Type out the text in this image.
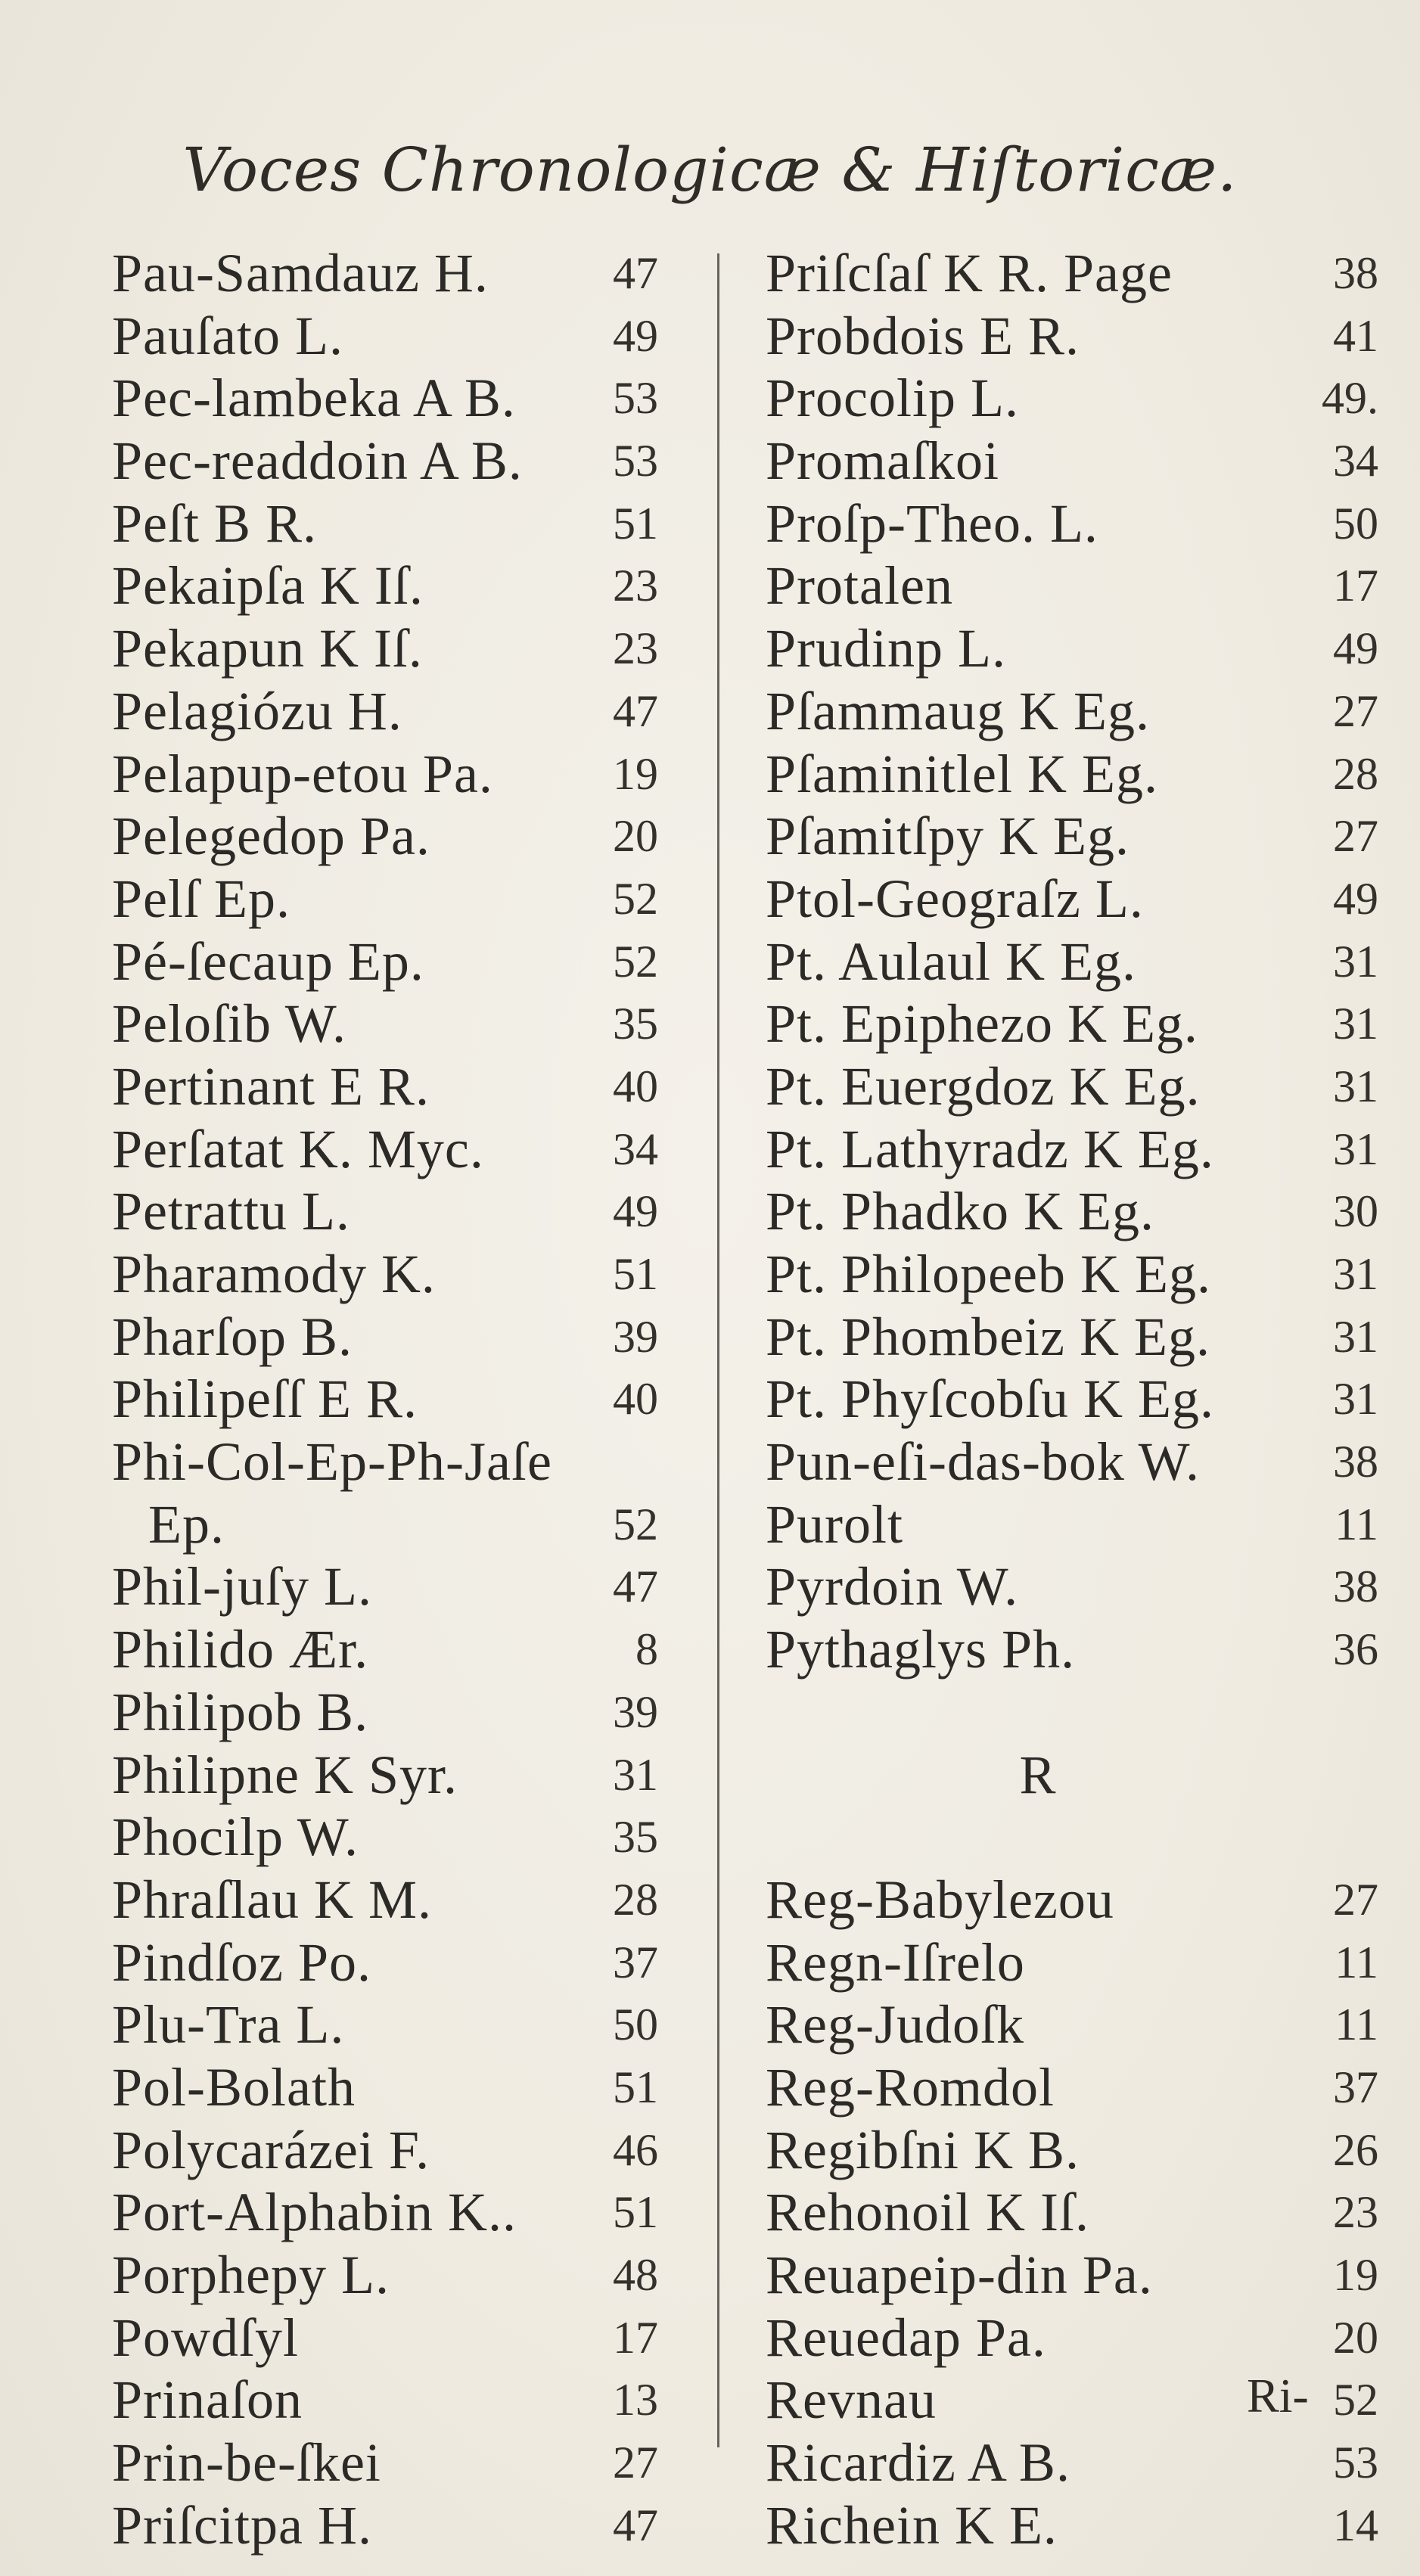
Voces Chronologicæ & Hiſtoricæ.
Pau-Samdauz H.	47
Pauſato L.	49
Pec-lambeka A B. 53
Pec-readdoin A B. 53
Peſt B R.	51
Pekaipſa K Iſ.	23
Pekapun K Iſ.	23
Pelagiózu H.	47
Pelapup-etou Pa.	19
Pelegedop Pa.	20
Pelſ Ep.	52
Pé-ſecaup Ep.	52
Peloſib W.	35
Pertinant E R.	40
Perſatat K. Myc.	34
Petrattu L.	49
Pharamody K.	51
Pharſop B.	39
Philipeſſ E R.	40
Phi-Col-Ep-Ph-Jaſe
Ep.	52
Phil-juſy L.	47
Philido Ær.	8
Philipob B.	39
Philipne K Syr.	31
Phocilp W.	35
Phraſlau K M.	28
Pindſoz Po.	37
Plu-Tra L.	50
Pol-Bolath	51
Polycarázei F.	46
Port-Alphabin K.. 51
Porphepy L.	48
Powdſyl	17
Prinaſon	13
Prin-be-ſkei	27
Priſcitpa H.	47
Priſcſaſ K R. Page	38
Probdois E R.	41
Procolip L.	49.
Promaſkoi	34
Proſp-Theo. L.	50
Protalen	17
Prudinp L.	49
Pſammaug K Eg.	27
Pſaminitlel K Eg.	28
Pſamitſpy K Eg.	27
Ptol-Geograſz L.	49
Pt. Aulaul K Eg.	31
Pt. Epiphezo K Eg.	31
Pt. Euergdoz K Eg.	31
Pt. Lathyradz K Eg.	31
Pt. Phadko K Eg.	30
Pt. Philopeeb K Eg.	31
Pt. Phombeiz K Eg.	31
Pt. Phyſcobſu K Eg.	31
Pun-eſi-das-bok W.	38
Purolt	11
Pyrdoin W.	38
Pythaglys Ph.	36
R
Reg-Babylezou	27
Regn-Iſrelo	11
Reg-Judoſk	11
Reg-Romdol	37
Regibſni K B.	26
Rehonoil K Iſ.	23
Reuapeip-din Pa.	19
Reuedap Pa.	20
Revnau	52
Ricardiz A B.	53
Richein K E.	14
Ri-
